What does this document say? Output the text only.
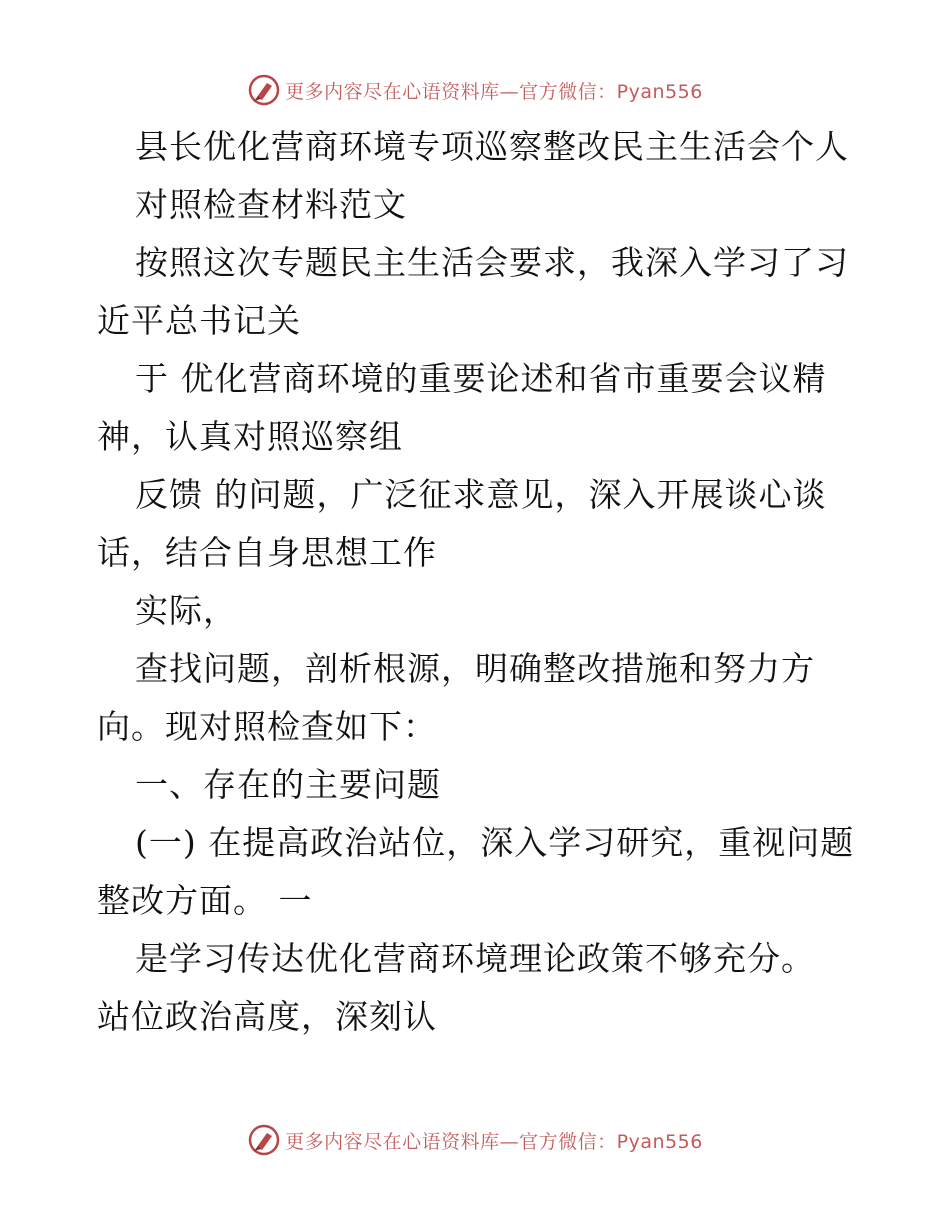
更多内容尽在心语资料库—官方微信：Pyan556
县长优化营商环境专项巡察整改民主生活会个人
对照检查材料范文
按照这次专题民主生活会要求，我深入学习了习
近平总书记关
于 优化营商环境的重要论述和省市重要会议精
神，认真对照巡察组
反馈 的问题，广泛征求意见，深入开展谈心谈
话，结合自身思想工作
实际，
查找问题，剖析根源，明确整改措施和努力方
向。现对照检查如下：
一、存在的主要问题
(一) 在提高政治站位，深入学习研究，重视问题
整改方面。 一
是学习传达优化营商环境理论政策不够充分。
站位政治高度，深刻认
更多内容尽在心语资料库—官方微信：Pyan556
